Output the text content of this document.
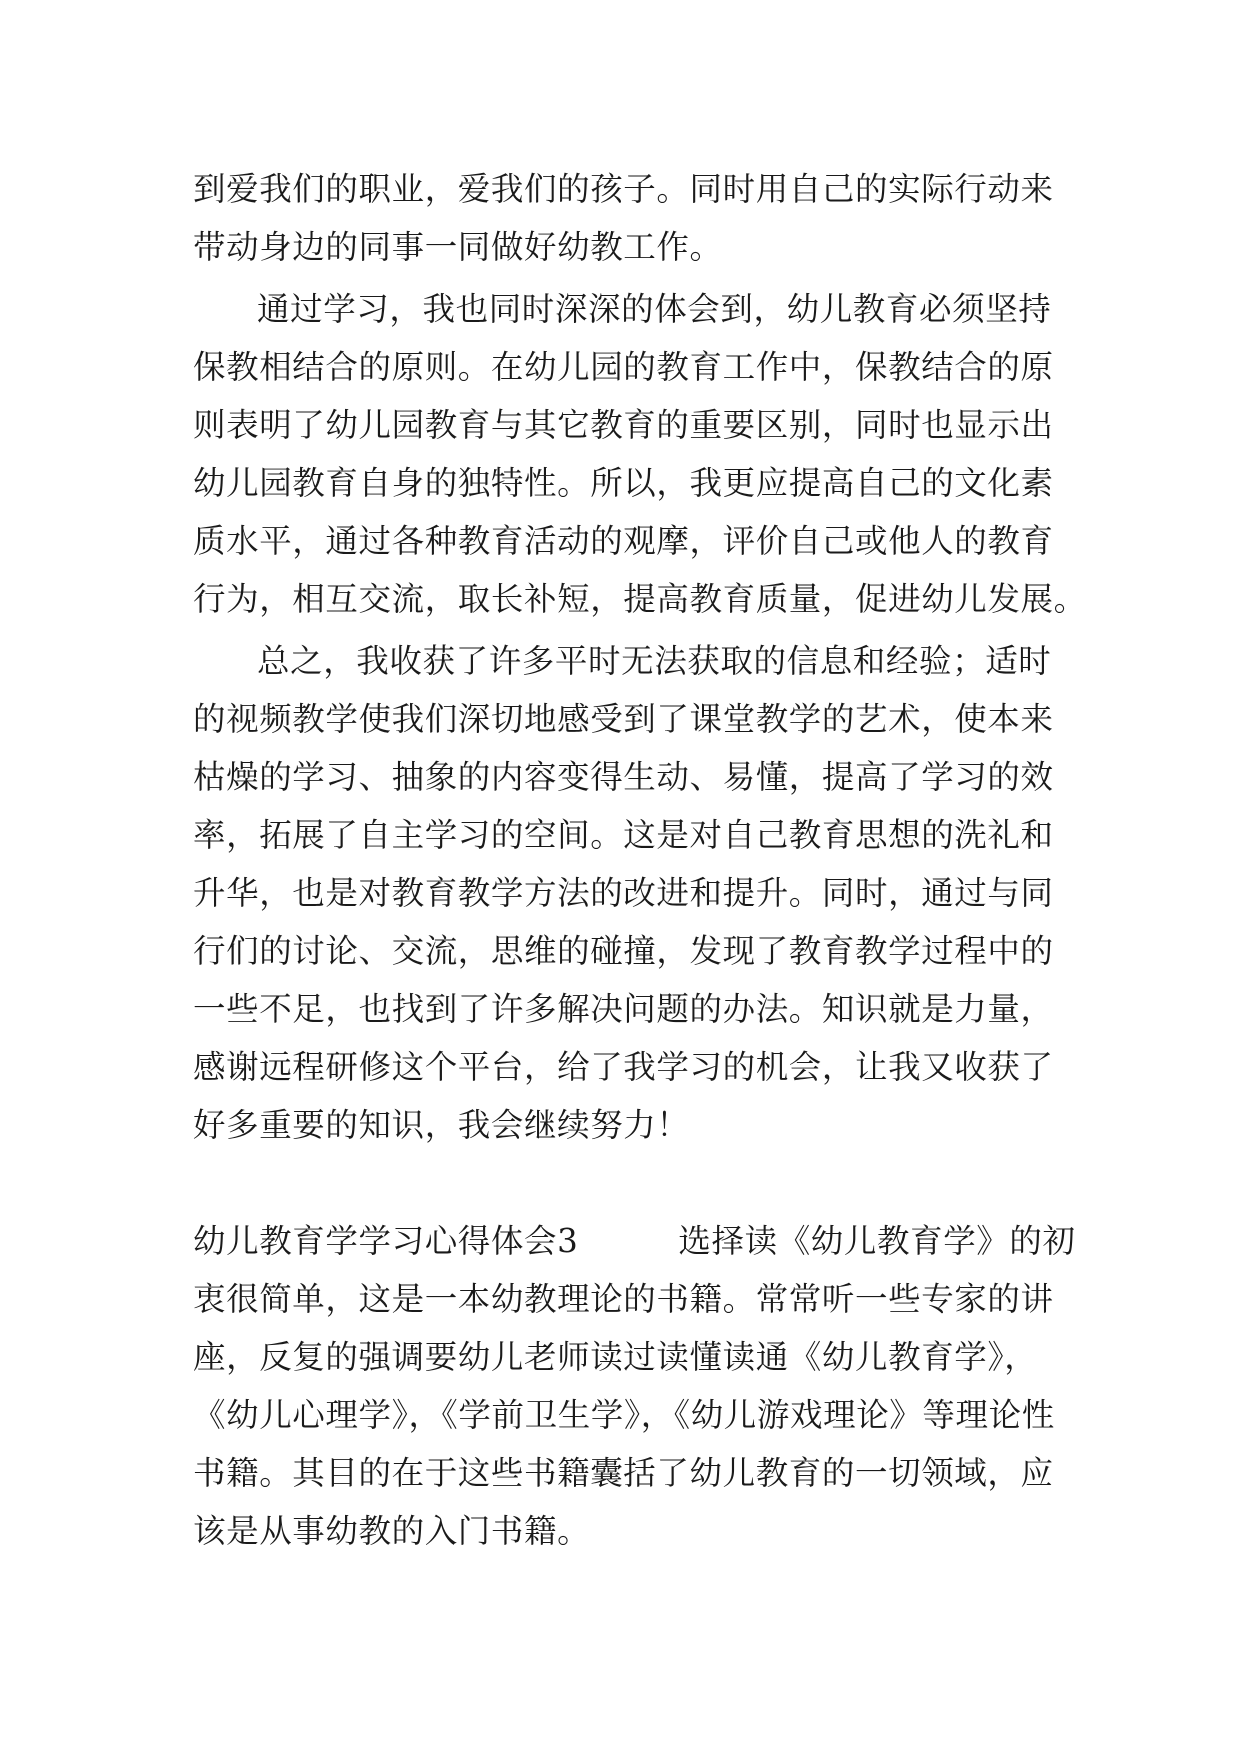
到爱我们的职业，爱我们的孩子。同时用自己的实际行动来
带动身边的同事一同做好幼教工作。
通过学习，我也同时深深的体会到，幼儿教育必须坚持
保教相结合的原则。在幼儿园的教育工作中，保教结合的原
则表明了幼儿园教育与其它教育的重要区别，同时也显示出
幼儿园教育自身的独特性。所以，我更应提高自己的文化素
质水平，通过各种教育活动的观摩，评价自己或他人的教育
行为，相互交流，取长补短，提高教育质量，促进幼儿发展。
总之，我收获了许多平时无法获取的信息和经验；适时
的视频教学使我们深切地感受到了课堂教学的艺术，使本来
枯燥的学习、抽象的内容变得生动、易懂，提高了学习的效
率，拓展了自主学习的空间。这是对自己教育思想的洗礼和
升华，也是对教育教学方法的改进和提升。同时，通过与同
行们的讨论、交流，思维的碰撞，发现了教育教学过程中的
一些不足，也找到了许多解决问题的办法。知识就是力量，
感谢远程研修这个平台，给了我学习的机会，让我又收获了
好多重要的知识，我会继续努力！
幼儿教育学学习心得体会3	选择读《幼儿教育学》的初
衷很简单，这是一本幼教理论的书籍。常常听一些专家的讲
座，反复的强调要幼儿老师读过读懂读通《幼儿教育学》，
《幼儿心理学》，《学前卫生学》，《幼儿游戏理论》等理论性
书籍。其目的在于这些书籍囊括了幼儿教育的一切领域，应
该是从事幼教的入门书籍。
